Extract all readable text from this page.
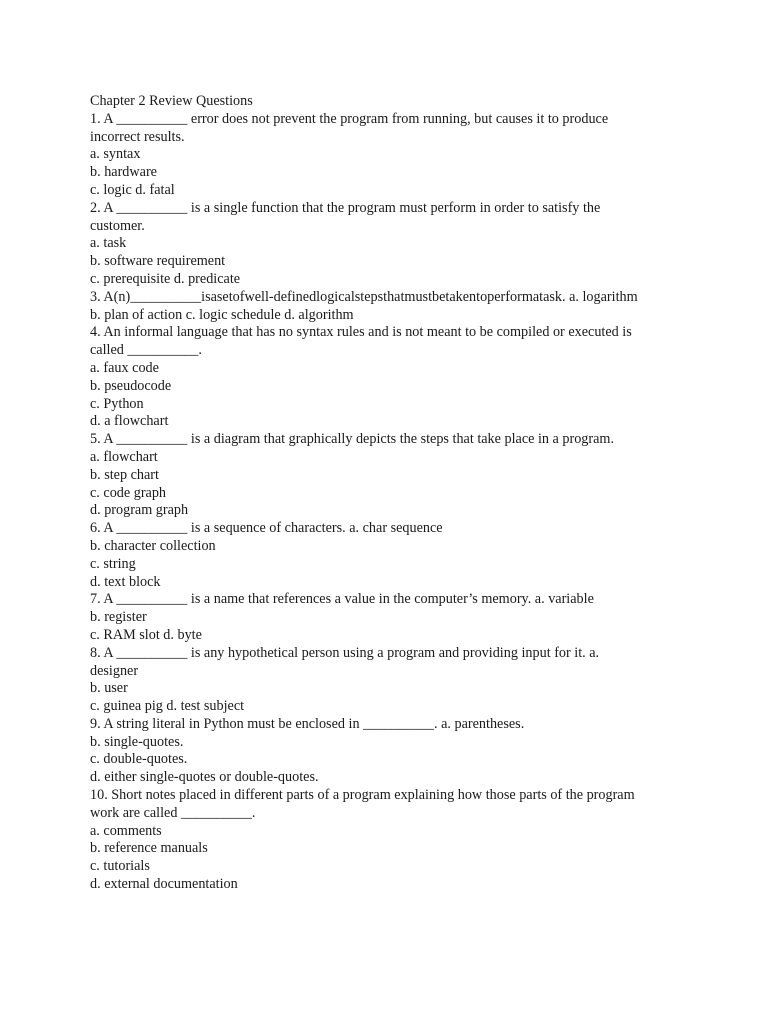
Chapter 2 Review Questions
1. A __________ error does not prevent the program from running, but causes it to produce
incorrect results.
a. syntax
b. hardware
c. logic d. fatal
2. A __________ is a single function that the program must perform in order to satisfy the
customer.
a. task
b. software requirement
c. prerequisite d. predicate
3. A(n)__________isasetofwell-definedlogicalstepsthatmustbetakentoperformatask. a. logarithm
b. plan of action c. logic schedule d. algorithm
4. An informal language that has no syntax rules and is not meant to be compiled or executed is
called __________.
a. faux code
b. pseudocode
c. Python
d. a flowchart
5. A __________ is a diagram that graphically depicts the steps that take place in a program.
a. flowchart
b. step chart
c. code graph
d. program graph
6. A __________ is a sequence of characters. a. char sequence
b. character collection
c. string
d. text block
7. A __________ is a name that references a value in the computer’s memory. a. variable
b. register
c. RAM slot d. byte
8. A __________ is any hypothetical person using a program and providing input for it. a.
designer
b. user
c. guinea pig d. test subject
9. A string literal in Python must be enclosed in __________. a. parentheses.
b. single-quotes.
c. double-quotes.
d. either single-quotes or double-quotes.
10. Short notes placed in different parts of a program explaining how those parts of the program
work are called __________.
a. comments
b. reference manuals
c. tutorials
d. external documentation
